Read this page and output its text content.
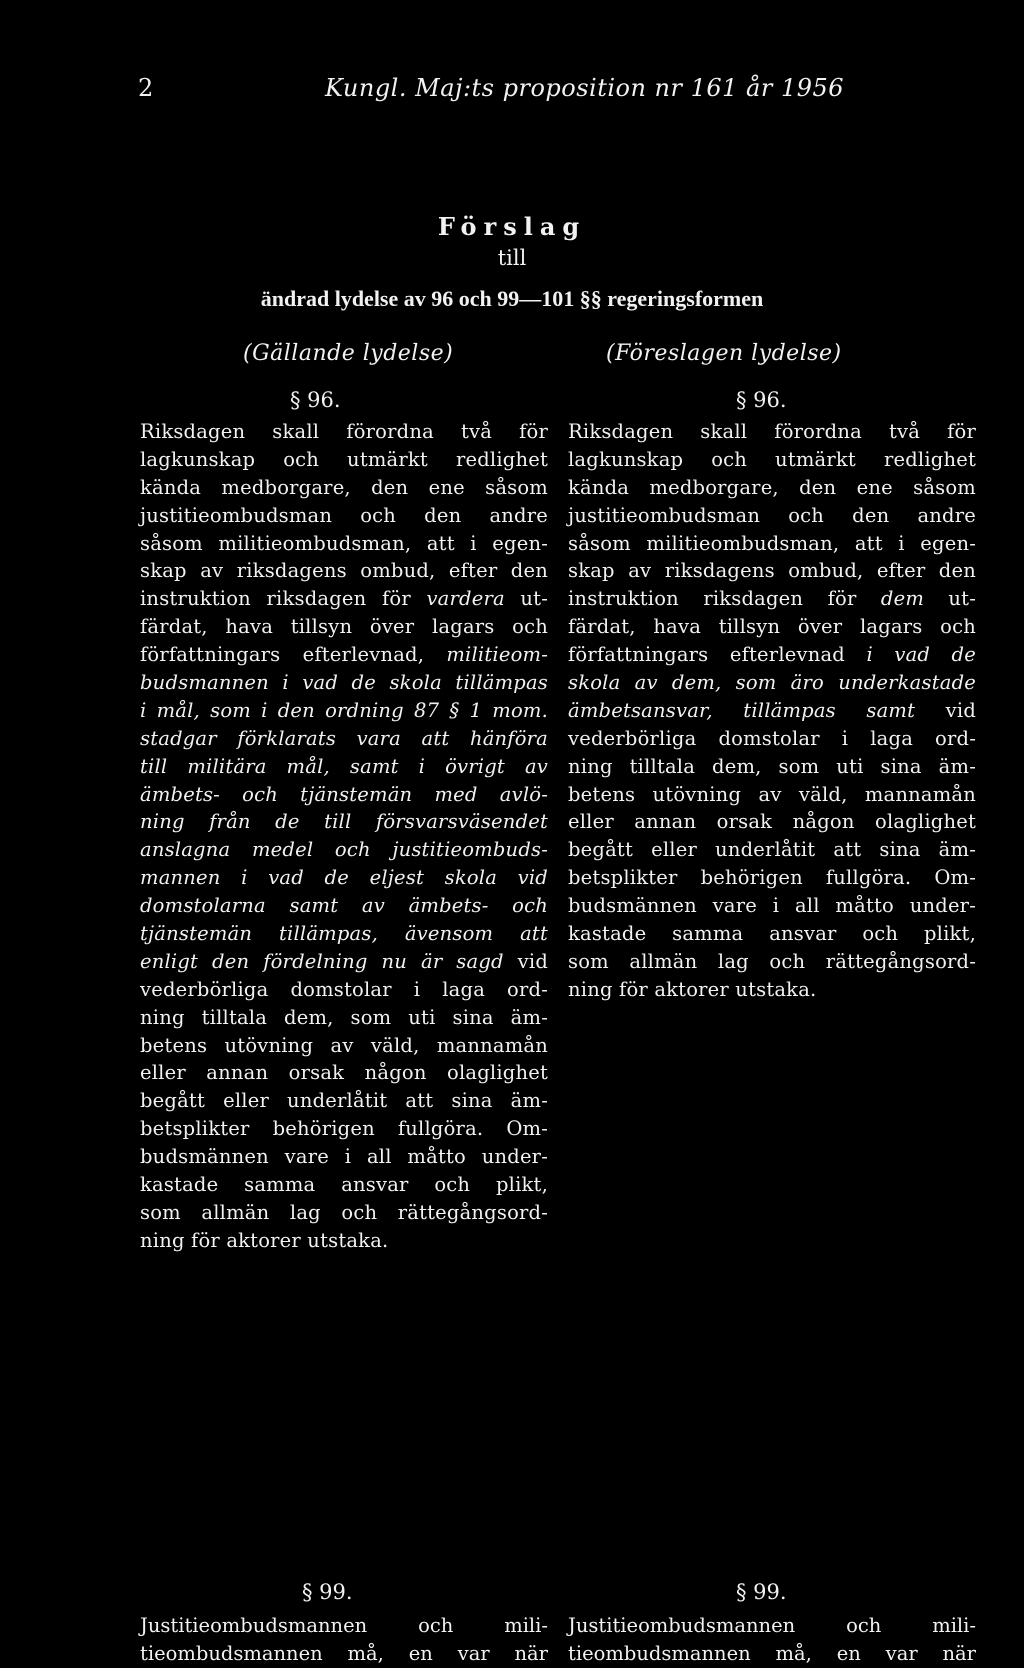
2	Kungl. Maj:ts proposition nr 161 år 1956
Förslag
till
ändrad lydelse av 96 och 99—101 §§ regeringsformen
(Gällande lydelse)	(Föreslagen lydelse)
§ 96.	§ 96.
Riksdagen skall förordna två för
lagkunskap och utmärkt redlighet
kända medborgare, den ene såsom
justitieombudsman och den andre
såsom militieombudsman, att i egen-
skap av riksdagens ombud, efter den
instruktion riksdagen för vardera ut-
färdat, hava tillsyn över lagars och
författningars efterlevnad, militieom-
budsmannen i vad de skola tillämpas
i mål, som i den ordning 87 § 1 mom.
stadgar förklarats vara att hänföra
till militära mål, samt i övrigt av
ämbets- och tjänstemän med avlö-
ning från de till försvarsväsendet
anslagna medel och justitieombuds-
mannen i vad de eljest skola vid
domstolarna samt av ämbets- och
tjänstemän tillämpas, ävensom att
enligt den fördelning nu är sagd vid
vederbörliga domstolar i laga ord-
ning tilltala dem, som uti sina äm-
betens utövning av väld, mannamån
eller annan orsak någon olaglighet
begått eller underlåtit att sina äm-
betsplikter behörigen fullgöra. Om-
budsmännen vare i all måtto under-
kastade samma ansvar och plikt,
som allmän lag och rättegångsord-
ning för aktorer utstaka.
Riksdagen skall förordna två för
lagkunskap och utmärkt redlighet
kända medborgare, den ene såsom
justitieombudsman och den andre
såsom militieombudsman, att i egen-
skap av riksdagens ombud, efter den
instruktion riksdagen för dem ut-
färdat, hava tillsyn över lagars och
författningars efterlevnad i vad de
skola av dem, som äro underkastade
ämbetsansvar, tillämpas samt vid
vederbörliga domstolar i laga ord-
ning tilltala dem, som uti sina äm-
betens utövning av väld, mannamån
eller annan orsak någon olaglighet
begått eller underlåtit att sina äm-
betsplikter behörigen fullgöra. Om-
budsmännen vare i all måtto under-
kastade samma ansvar och plikt,
som allmän lag och rättegångsord-
ning för aktorer utstaka.
§ 99.	§ 99.
Justitieombudsmannen och mili-
tieombudsmannen må, en var när
Justitieombudsmannen och mili-
tieombudsmannen må, en var när
